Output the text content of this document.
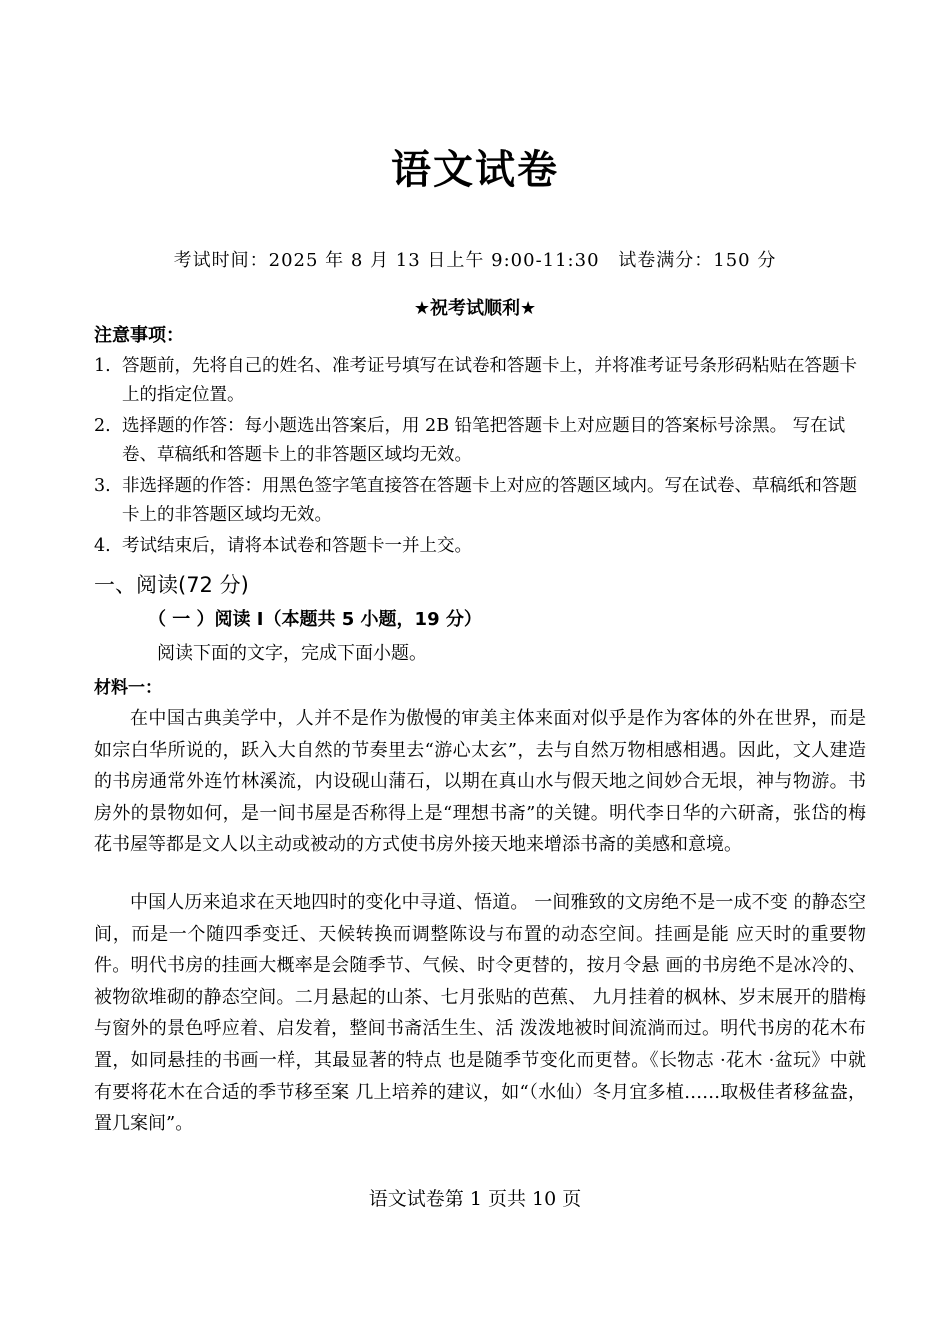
语文试卷
考试时间：2025 年 8 月 13 日上午 9:00-11:30 试卷满分：150 分
★祝考试顺利★
注意事项：
1. 答题前，先将自己的姓名、准考证号填写在试卷和答题卡上，并将准考证号条形码粘贴在答题卡上的指定位置。
2. 选择题的作答：每小题选出答案后，用 2B 铅笔把答题卡上对应题目的答案标号涂黑。 写在试卷、草稿纸和答题卡上的非答题区域均无效。
3. 非选择题的作答：用黑色签字笔直接答在答题卡上对应的答题区域内。写在试卷、草稿纸和答题卡上的非答题区域均无效。
4. 考试结束后，请将本试卷和答题卡一并上交。
一、阅读(72 分)
（ 一 ）阅读 I（本题共 5 小题，19 分）
阅读下面的文字，完成下面小题。
材料一：

在中国古典美学中，人并不是作为傲慢的审美主体来面对似乎是作为客体的外在世界，而是如宗白华所说的，跃入大自然的节奏里去“游心太玄”，去与自然万物相感相遇。因此，文人建造的书房通常外连竹林溪流，内设砚山蒲石，以期在真山水与假天地之间妙合无垠，神与物游。书房外的景物如何，是一间书屋是否称得上是“理想书斋”的关键。明代李日华的六研斋，张岱的梅花书屋等都是文人以主动或被动的方式使书房外接天地来增添书斋的美感和意境。

中国人历来追求在天地四时的变化中寻道、悟道。 一间雅致的文房绝不是一成不变 的静态空间，而是一个随四季变迁、天候转换而调整陈设与布置的动态空间。挂画是能 应天时的重要物件。明代书房的挂画大概率是会随季节、气候、时令更替的，按月令悬 画的书房绝不是冰冷的、被物欲堆砌的静态空间。二月悬起的山茶、七月张贴的芭蕉、 九月挂着的枫林、岁末展开的腊梅与窗外的景色呼应着、启发着，整间书斋活生生、活 泼泼地被时间流淌而过。明代书房的花木布置，如同悬挂的书画一样，其最显著的特点 也是随季节变化而更替。《长物志 ·花木 ·盆玩》中就有要将花木在合适的季节移至案 几上培养的建议，如“（水仙）冬月宜多植……取极佳者移盆盎，置几案间”。

语文试卷第 1 页共 10 页
